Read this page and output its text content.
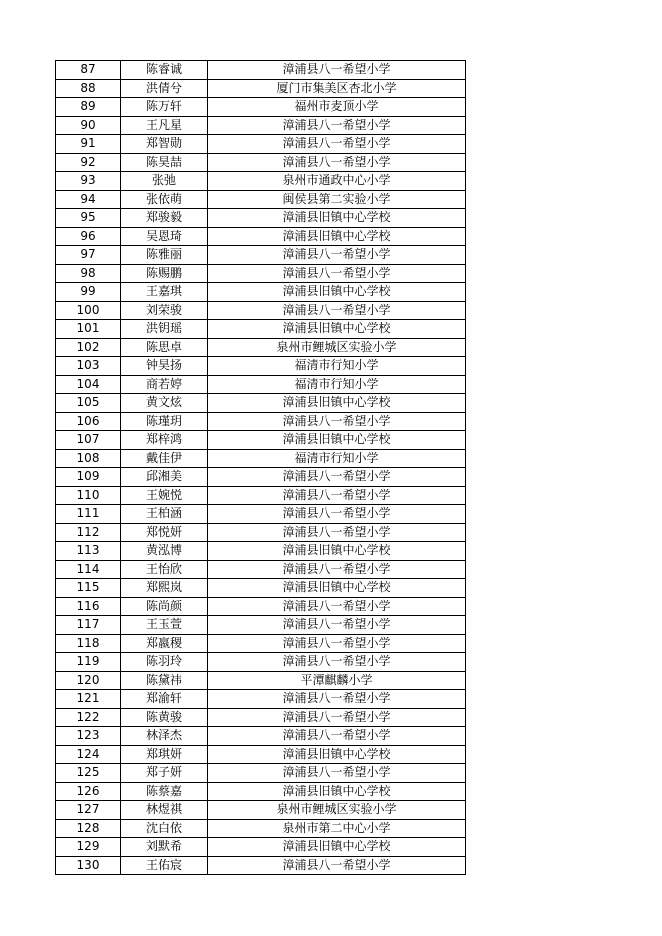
87	陈睿诚	漳浦县八一希望小学
88	洪倩兮	厦门市集美区杏北小学
89	陈万轩	福州市麦顶小学
90	王凡星	漳浦县八一希望小学
91	郑智勋	漳浦县八一希望小学
92	陈昊喆	漳浦县八一希望小学
93	张弛	泉州市通政中心小学
94	张依萌	闽侯县第二实验小学
95	郑骏毅	漳浦县旧镇中心学校
96	吴恩琦	漳浦县旧镇中心学校
97	陈雅丽	漳浦县八一希望小学
98	陈赐鹏	漳浦县八一希望小学
99	王嘉琪	漳浦县旧镇中心学校
100	刘荣骏	漳浦县八一希望小学
101	洪钥瑶	漳浦县旧镇中心学校
102	陈思卓	泉州市鲤城区实验小学
103	钟昊扬	福清市行知小学
104	商若婷	福清市行知小学
105	黄文炫	漳浦县旧镇中心学校
106	陈瑾玥	漳浦县八一希望小学
107	郑梓鸿	漳浦县旧镇中心学校
108	戴佳伊	福清市行知小学
109	邱湘美	漳浦县八一希望小学
110	王婉悦	漳浦县八一希望小学
111	王柏涵	漳浦县八一希望小学
112	郑悦妍	漳浦县八一希望小学
113	黄泓博	漳浦县旧镇中心学校
114	王怡欣	漳浦县八一希望小学
115	郑熙岚	漳浦县旧镇中心学校
116	陈尚颜	漳浦县八一希望小学
117	王玉萱	漳浦县八一希望小学
118	郑嬴稷	漳浦县八一希望小学
119	陈羽玲	漳浦县八一希望小学
120	陈黛祎	平潭麒麟小学
121	郑渝轩	漳浦县八一希望小学
122	陈黄骏	漳浦县八一希望小学
123	林泽杰	漳浦县八一希望小学
124	郑琪妍	漳浦县旧镇中心学校
125	郑子妍	漳浦县八一希望小学
126	陈蔡嘉	漳浦县旧镇中心学校
127	林煜祺	泉州市鲤城区实验小学
128	沈白依	泉州市第二中心小学
129	刘默希	漳浦县旧镇中心学校
130	王佑宸	漳浦县八一希望小学
